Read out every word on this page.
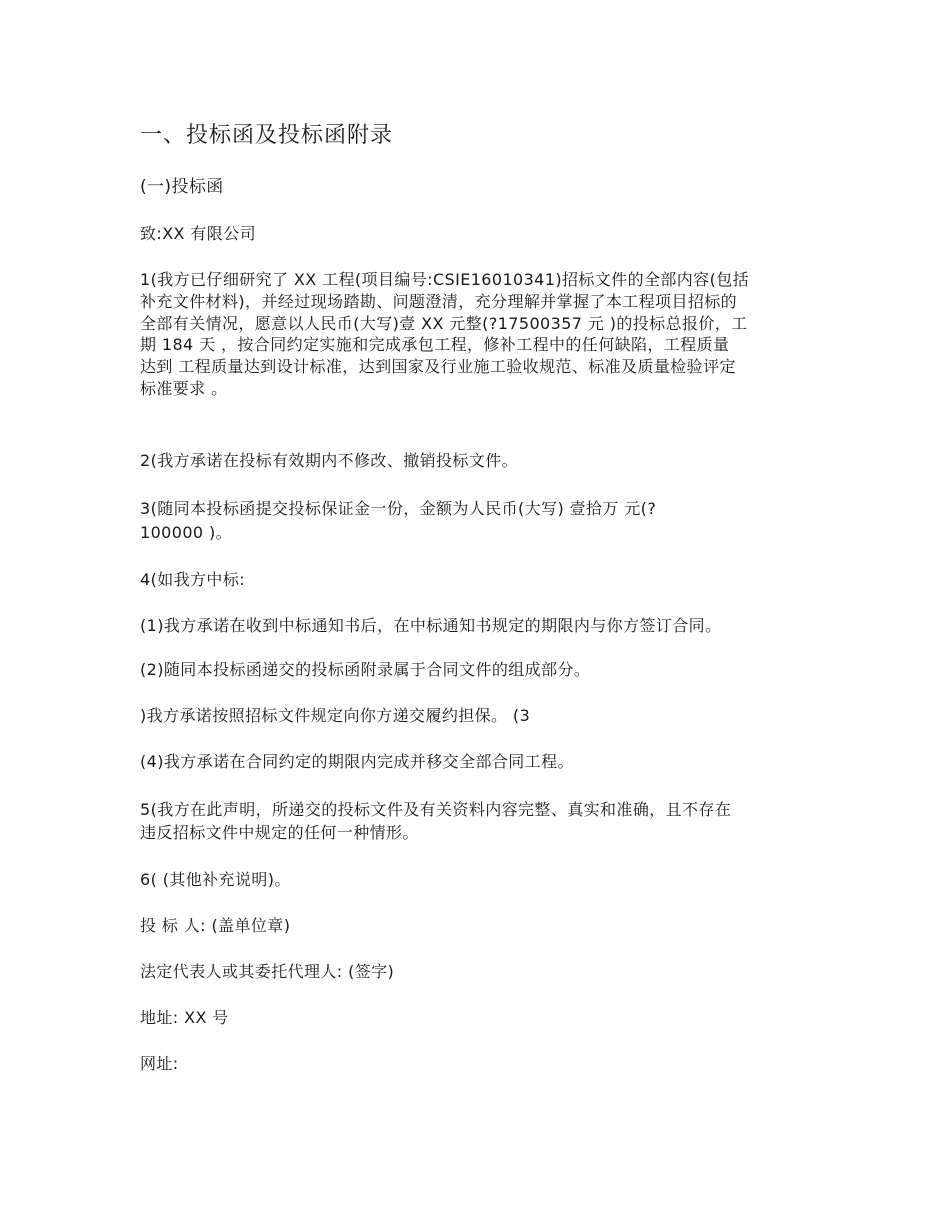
一、投标函及投标函附录
(一)投标函
致:XX 有限公司
1(我方已仔细研究了 XX 工程(项目编号:CSIE16010341)招标文件的全部内容(包括
补充文件材料)，并经过现场踏勘、问题澄清，充分理解并掌握了本工程项目招标的
全部有关情况，愿意以人民币(大写)壹 XX 元整(?17500357 元 )的投标总报价，工
期 184 天 ，按合同约定实施和完成承包工程，修补工程中的任何缺陷，工程质量
达到 工程质量达到设计标准，达到国家及行业施工验收规范、标准及质量检验评定
标准要求 。
2(我方承诺在投标有效期内不修改、撤销投标文件。
3(随同本投标函提交投标保证金一份，金额为人民币(大写) 壹拾万 元(?
100000 )。
4(如我方中标:
(1)我方承诺在收到中标通知书后，在中标通知书规定的期限内与你方签订合同。
(2)随同本投标函递交的投标函附录属于合同文件的组成部分。
)我方承诺按照招标文件规定向你方递交履约担保。 (3
(4)我方承诺在合同约定的期限内完成并移交全部合同工程。
5(我方在此声明，所递交的投标文件及有关资料内容完整、真实和准确，且不存在
违反招标文件中规定的任何一种情形。
6( (其他补充说明)。
投 标 人: (盖单位章)
法定代表人或其委托代理人: (签字)
地址: XX 号
网址:
